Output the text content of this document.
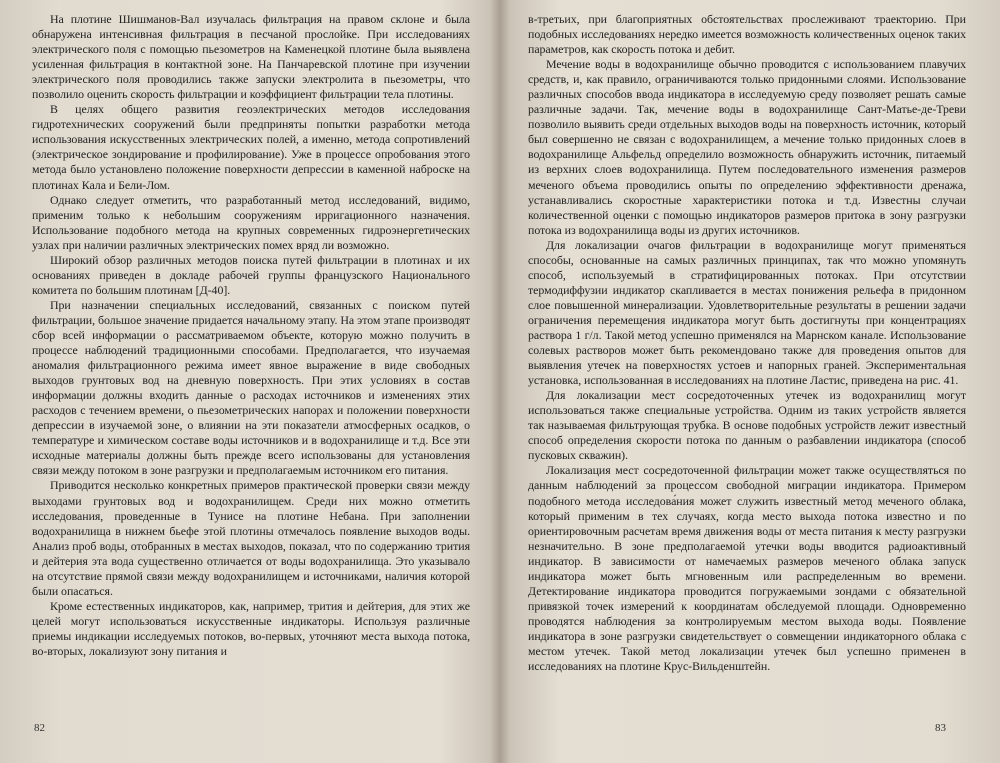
На плотине Шишманов-Вал изучалась фильтрация на правом склоне и была обнаружена интенсивная фильтрация в песчаной прослойке. При исследованиях электрического поля с помощью пьезометров на Каменецкой плотине была выявлена усиленная фильтрация в контактной зоне. На Панчаревской плотине при изучении электрического поля проводились также запуски электролита в пьезометры, что позволило оценить скорость фильтрации и коэффициент фильтрации тела плотины.

В целях общего развития геоэлектрических методов исследования гидротехнических сооружений были предприняты попытки разработки метода использования искусственных электрических полей, а именно, метода сопротивлений (электрическое зондирование и профилирование). Уже в процессе опробования этого метода было установлено положение поверхности депрессии в каменной наброске на плотинах Кала и Бели-Лом.

Однако следует отметить, что разработанный метод исследований, видимо, применим только к небольшим сооружениям ирригационного назначения. Использование подобного метода на крупных современных гидроэнергетических узлах при наличии различных электрических помех вряд ли возможно.

Широкий обзор различных методов поиска путей фильтрации в плотинах и их основаниях приведен в докладе рабочей группы французского Национального комитета по большим плотинам [Д-40].

При назначении специальных исследований, связанных с поиском путей фильтрации, большое значение придается начальному этапу. На этом этапе производят сбор всей информации о рассматриваемом объекте, которую можно получить в процессе наблюдений традиционными способами. Предполагается, что изучаемая аномалия фильтрационного режима имеет явное выражение в виде свободных выходов грунтовых вод на дневную поверхность. При этих условиях в состав информации должны входить данные о расходах источников и изменениях этих расходов с течением времени, о пьезометрических напорах и положении поверхности депрессии в изучаемой зоне, о влиянии на эти показатели атмосферных осадков, о температуре и химическом составе воды источников и в водохранилище и т.д. Все эти исходные материалы должны быть прежде всего использованы для установления связи между потоком в зоне разгрузки и предполагаемым источником его питания.

Приводится несколько конкретных примеров практической проверки связи между выходами грунтовых вод и водохранилищем. Среди них можно отметить исследования, проведенные в Тунисе на плотине Небана. При заполнении водохранилища в нижнем бьефе этой плотины отмечалось появление выходов воды. Анализ проб воды, отобранных в местах выходов, показал, что по содержанию трития и дейтерия эта вода существенно отличается от воды водохранилища. Это указывало на отсутствие прямой связи между водохранилищем и источниками, наличия которой были опасаться.

Кроме естественных индикаторов, как, например, трития и дейтерия, для этих же целей могут использоваться искусственные индикаторы. Используя различные приемы индикации исследуемых потоков, во-первых, уточняют места выхода потока, во-вторых, локализуют зону питания и

82

в-третьих, при благоприятных обстоятельствах прослеживают траекторию. При подобных исследованиях нередко имеется возможность количественных оценок таких параметров, как скорость потока и дебит.

Мечение воды в водохранилище обычно проводится с использованием плавучих средств, и, как правило, ограничиваются только придонными слоями. Использование различных способов ввода индикатора в исследуемую среду позволяет решать самые различные задачи. Так, мечение воды в водохранилище Сант-Матье-де-Треви позволило выявить среди отдельных выходов воды на поверхность источник, который был совершенно не связан с водохранилищем, а мечение только придонных слоев в водохранилище Альфельд определило возможность обнаружить источник, питаемый из верхних слоев водохранилища. Путем последовательного изменения размеров меченого объема проводились опыты по определению эффективности дренажа, устанавливались скоростные характеристики потока и т.д. Известны случаи количественной оценки с помощью индикаторов размеров притока в зону разгрузки потока из водохранилища воды из других источников.

Для локализации очагов фильтрации в водохранилище могут применяться способы, основанные на самых различных принципах, так что можно упомянуть способ, используемый в стратифицированных потоках. При отсутствии термодиффузии индикатор скапливается в местах понижения рельефа в придонном слое повышенной минерализации. Удовлетворительные результаты в решении задачи ограничения перемещения индикатора могут быть достигнуты при концентрациях раствора 1 г/л. Такой метод успешно применялся на Марнском канале. Использование солевых растворов может быть рекомендовано также для проведения опытов для выявления утечек на поверхностях устоев и напорных граней. Экспериментальная установка, использованная в исследованиях на плотине Ластис, приведена на рис. 41.

Для локализации мест сосредоточенных утечек из водохранилищ могут использоваться также специальные устройства. Одним из таких устройств является так называемая фильтрующая трубка. В основе подобных устройств лежит известный способ определения скорости потока по данным о разбавлении индикатора (способ пусковых скважин).

Локализация мест сосредоточенной фильтрации может также осуществляться по данным наблюдений за процессом свободной миграции индикатора. Примером подобного метода исследова́ния может служить известный метод меченого облака, который применим в тех случаях, когда место выхода потока известно и по ориентировочным расчетам время движения воды от места питания к месту разгрузки незначительно. В зоне предполагаемой утечки воды вводится радиоактивный индикатор. В зависимости от намечаемых размеров меченого облака запуск индикатора может быть мгновенным или распределенным во времени. Детектирование индикатора проводится погружаемыми зондами с обязательной привязкой точек измерений к координатам обследуемой площади. Одновременно проводятся наблюдения за контролируемым местом выхода воды. Появление индикатора в зоне разгрузки свидетельствует о совмещении индикаторного облака с местом утечек. Такой метод локализации утечек был успешно применен в исследованиях на плотине Крус-Вильденштейн.

83
